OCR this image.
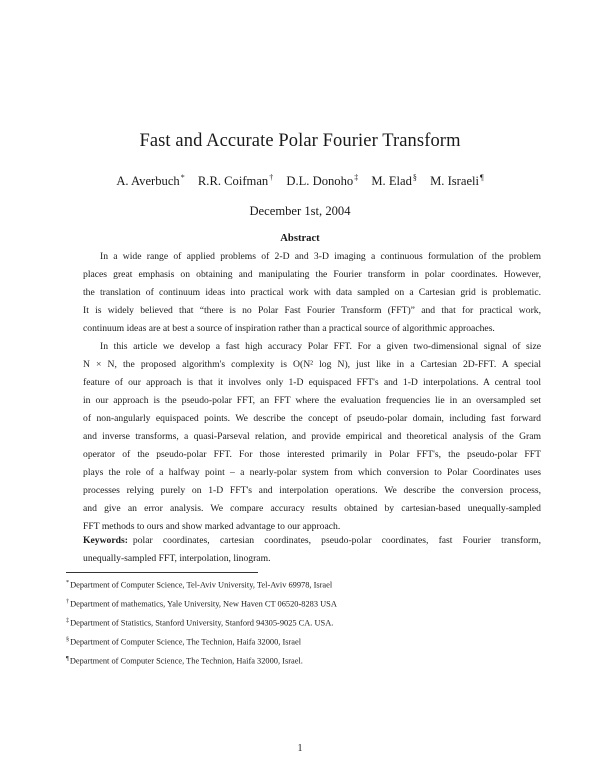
Fast and Accurate Polar Fourier Transform
A. Averbuch* R.R. Coifman† D.L. Donoho‡ M. Elad§ M. Israeli¶
December 1st, 2004
Abstract

In a wide range of applied problems of 2-D and 3-D imaging a continuous formulation of the problem
places great emphasis on obtaining and manipulating the Fourier transform in polar coordinates. However,
the translation of continuum ideas into practical work with data sampled on a Cartesian grid is problematic.
It is widely believed that “there is no Polar Fast Fourier Transform (FFT)” and that for practical work,
continuum ideas are at best a source of inspiration rather than a practical source of algorithmic approaches.

In this article we develop a fast high accuracy Polar FFT. For a given two-dimensional signal of size
N × N, the proposed algorithm's complexity is O(N² log N), just like in a Cartesian 2D-FFT. A special
feature of our approach is that it involves only 1-D equispaced FFT's and 1-D interpolations. A central tool
in our approach is the pseudo-polar FFT, an FFT where the evaluation frequencies lie in an oversampled set
of non-angularly equispaced points. We describe the concept of pseudo-polar domain, including fast forward
and inverse transforms, a quasi-Parseval relation, and provide empirical and theoretical analysis of the Gram
operator of the pseudo-polar FFT. For those interested primarily in Polar FFT's, the pseudo-polar FFT
plays the role of a halfway point – a nearly-polar system from which conversion to Polar Coordinates uses
processes relying purely on 1-D FFT's and interpolation operations. We describe the conversion process,
and give an error analysis. We compare accuracy results obtained by cartesian-based unequally-sampled
FFT methods to ours and show marked advantage to our approach.

Keywords: polar coordinates, cartesian coordinates, pseudo-polar coordinates, fast Fourier transform,
unequally-sampled FFT, interpolation, linogram.
*Department of Computer Science, Tel-Aviv University, Tel-Aviv 69978, Israel
†Department of mathematics, Yale University, New Haven CT 06520-8283 USA
‡Department of Statistics, Stanford University, Stanford 94305-9025 CA. USA.
§Department of Computer Science, The Technion, Haifa 32000, Israel
¶Department of Computer Science, The Technion, Haifa 32000, Israel.
1
